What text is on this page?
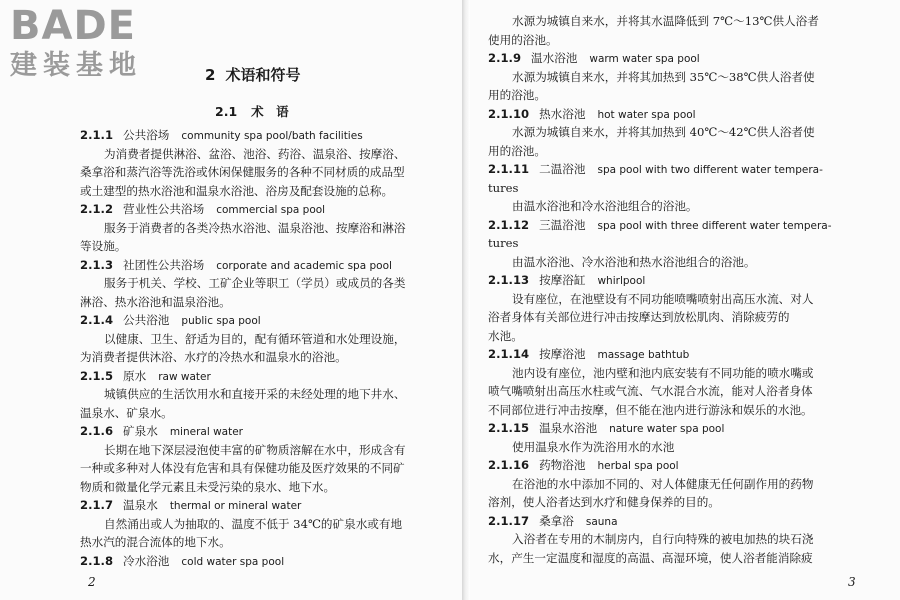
BADE
建装基地	2 术语和符号
2.1 术　语
2.1.1 公共浴场 community spa pool/bath facilities
为消费者提供淋浴、盆浴、池浴、药浴、温泉浴、按摩浴、
桑拿浴和蒸汽浴等洗浴或休闲保健服务的各种不同材质的成品型
或土建型的热水浴池和温泉水浴池、浴房及配套设施的总称。
2.1.2 营业性公共浴场 commercial spa pool
服务于消费者的各类冷热水浴池、温泉浴池、按摩浴和淋浴
等设施。
2.1.3 社团性公共浴场 corporate and academic spa pool
服务于机关、学校、工矿企业等职工（学员）或成员的各类
淋浴、热水浴池和温泉浴池。
2.1.4 公共浴池 public spa pool
以健康、卫生、舒适为目的，配有循环管道和水处理设施，
为消费者提供沐浴、水疗的冷热水和温泉水的浴池。
2.1.5 原水 raw water
城镇供应的生活饮用水和直接开采的未经处理的地下井水、
温泉水、矿泉水。
2.1.6 矿泉水 mineral water
长期在地下深层浸泡使丰富的矿物质溶解在水中，形成含有
一种或多种对人体没有危害和具有保健功能及医疗效果的不同矿
物质和微量化学元素且未受污染的泉水、地下水。
2.1.7 温泉水 thermal or mineral water
自然涌出或人为抽取的、温度不低于 34℃的矿泉水或有地
热水汽的混合流体的地下水。
2.1.8 冷水浴池 cold water spa pool
水源为城镇自来水，并将其水温降低到 7℃～13℃供人浴者
使用的浴池。
2.1.9 温水浴池 warm water spa pool
水源为城镇自来水，并将其加热到 35℃～38℃供人浴者使
用的浴池。
2.1.10 热水浴池 hot water spa pool
水源为城镇自来水，并将其加热到 40℃～42℃供人浴者使
用的浴池。
2.1.11 二温浴池 spa pool with two different water tempera-
tures
由温水浴池和冷水浴池组合的浴池。
2.1.12 三温浴池 spa pool with three different water tempera-
tures
由温水浴池、冷水浴池和热水浴池组合的浴池。
2.1.13 按摩浴缸 whirlpool
设有座位，在池壁设有不同功能喷嘴喷射出高压水流、对人
浴者身体有关部位进行冲击按摩达到放松肌肉、消除疲劳的
水池。
2.1.14 按摩浴池 massage bathtub
池内设有座位，池内壁和池内底安装有不同功能的喷水嘴或
喷气嘴喷射出高压水柱或气流、气水混合水流，能对人浴者身体
不同部位进行冲击按摩，但不能在池内进行游泳和娱乐的水池。
2.1.15 温泉水浴池 nature water spa pool
使用温泉水作为洗浴用水的水池
2.1.16 药物浴池 herbal spa pool
在浴池的水中添加不同的、对人体健康无任何副作用的药物
溶剂，使人浴者达到水疗和健身保养的目的。
2.1.17 桑拿浴 sauna
入浴者在专用的木制房内，自行向特殊的被电加热的块石浇
水，产生一定温度和湿度的高温、高湿环境，使人浴者能消除疲
2	3
